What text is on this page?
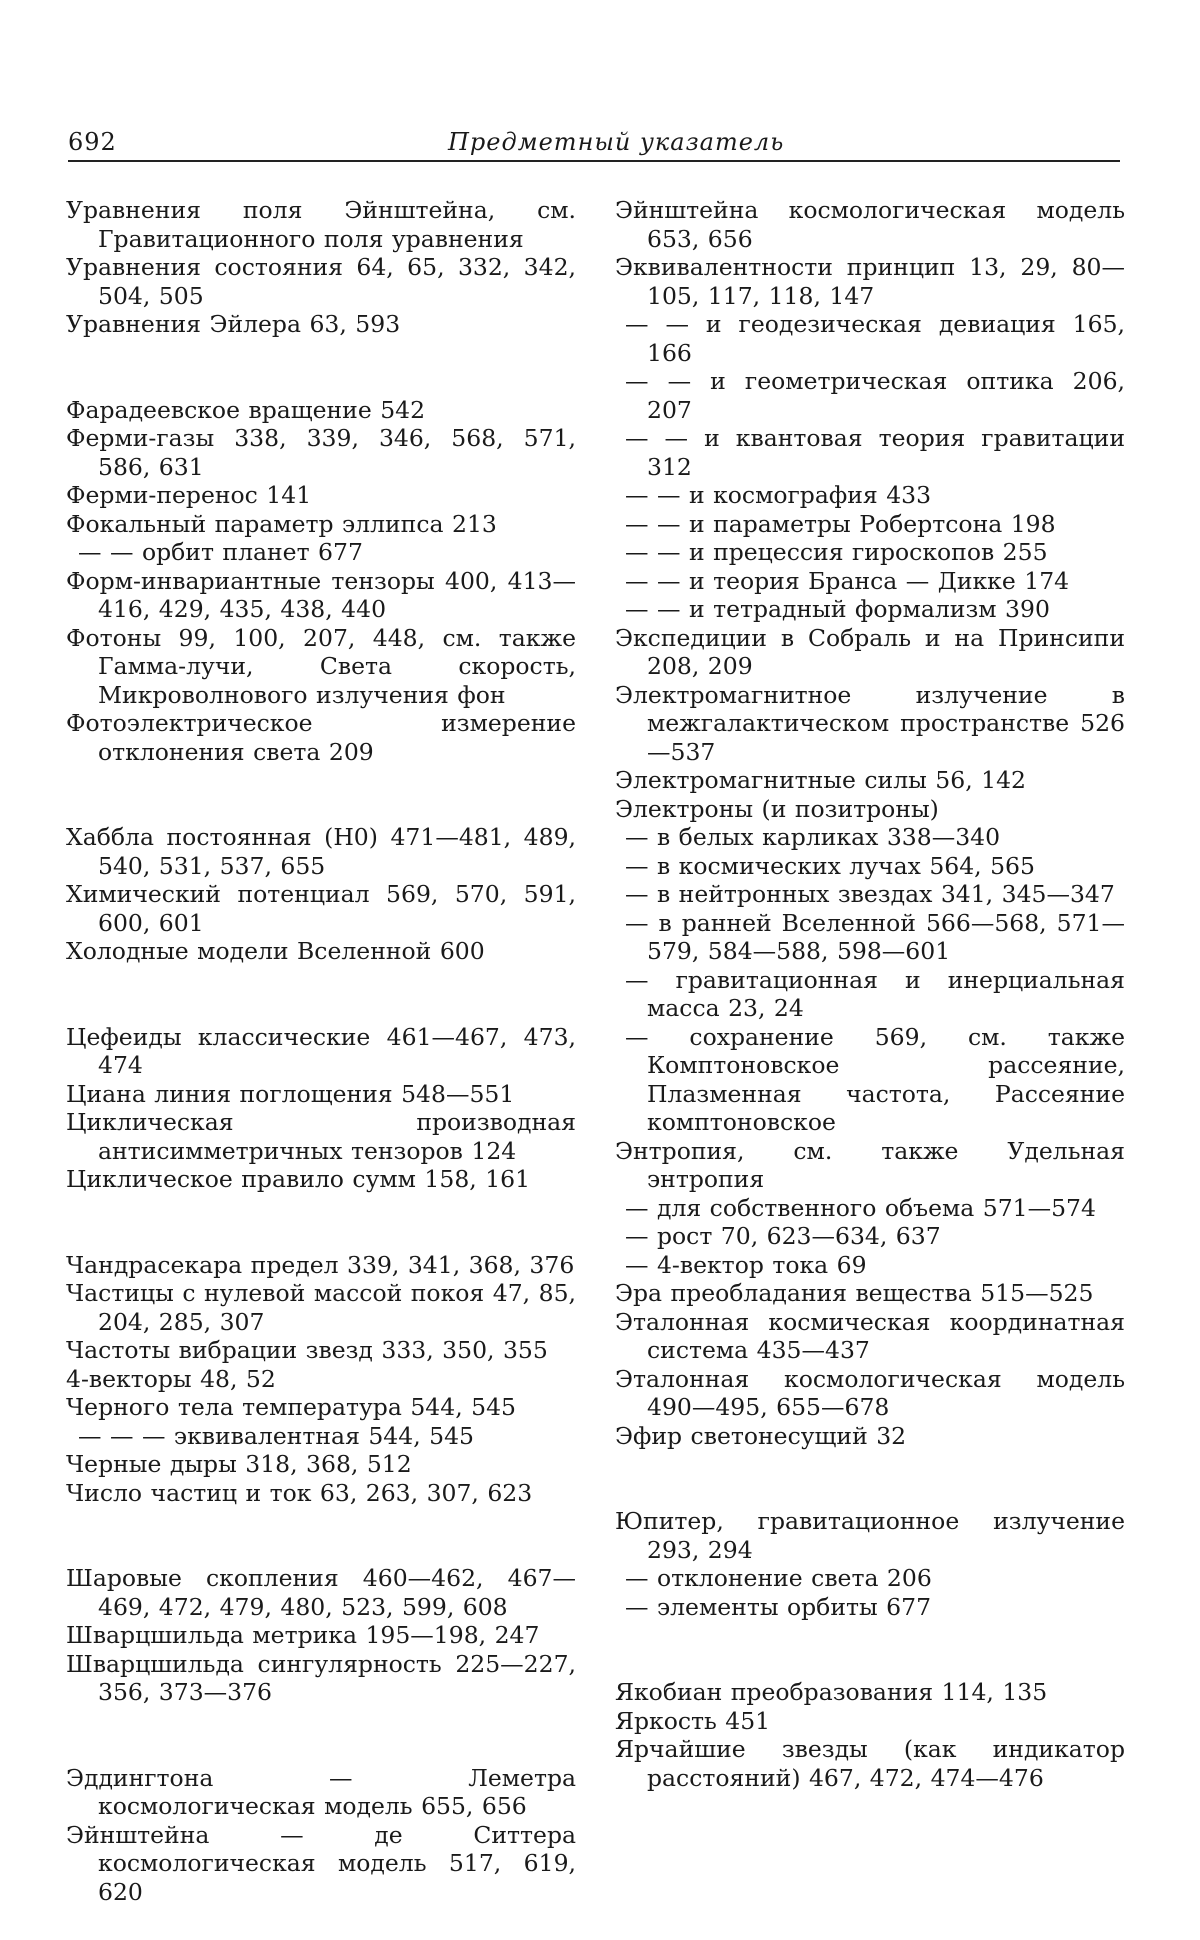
692	Предметный указатель

Уравнения поля Эйнштейна, см. Гравитационного поля уравнения

Уравнения состояния 64, 65, 332, 342, 504, 505

Уравнения Эйлера 63, 593

Фарадеевское вращение 542

Ферми-газы 338, 339, 346, 568, 571, 586, 631

Ферми-перенос 141

Фокальный параметр эллипса 213

— — орбит планет 677

Форм-инвариантные тензоры 400, 413—416, 429, 435, 438, 440

Фотоны 99, 100, 207, 448, см. также Гамма-лучи, Света скорость, Микроволнового излучения фон

Фотоэлектрическое измерение отклонения света 209

Хаббла постоянная (H0) 471—481, 489, 540, 531, 537, 655

Химический потенциал 569, 570, 591, 600, 601

Холодные модели Вселенной 600

Цефеиды классические 461—467, 473, 474

Циана линия поглощения 548—551

Циклическая производная антисимметричных тензоров 124

Циклическое правило сумм 158, 161

Чандрасекара предел 339, 341, 368, 376

Частицы с нулевой массой покоя 47, 85, 204, 285, 307

Частоты вибрации звезд 333, 350, 355

4-векторы 48, 52

Черного тела температура 544, 545

— — — эквивалентная 544, 545

Черные дыры 318, 368, 512

Число частиц и ток 63, 263, 307, 623

Шаровые скопления 460—462, 467—469, 472, 479, 480, 523, 599, 608

Шварцшильда метрика 195—198, 247

Шварцшильда сингулярность 225—227, 356, 373—376

Эддингтона — Леметра космологическая модель 655, 656

Эйнштейна — де Ситтера космологическая модель 517, 619, 620

Эйнштейна космологическая модель 653, 656

Эквивалентности принцип 13, 29, 80—105, 117, 118, 147

— — и геодезическая девиация 165, 166

— — и геометрическая оптика 206, 207

— — и квантовая теория гравитации 312

— — и космография 433

— — и параметры Робертсона 198

— — и прецессия гироскопов 255

— — и теория Бранса — Дикке 174

— — и тетрадный формализм 390

Экспедиции в Собраль и на Принсипи 208, 209

Электромагнитное излучение в межгалактическом пространстве 526—537

Электромагнитные силы 56, 142

Электроны (и позитроны)

— в белых карликах 338—340

— в космических лучах 564, 565

— в нейтронных звездах 341, 345—347

— в ранней Вселенной 566—568, 571—579, 584—588, 598—601

— гравитационная и инерциальная масса 23, 24

— сохранение 569, см. также Комптоновское рассеяние, Плазменная частота, Рассеяние комптоновское

Энтропия, см. также Удельная энтропия

— для собственного объема 571—574

— рост 70, 623—634, 637

— 4-вектор тока 69

Эра преобладания вещества 515—525

Эталонная космическая координатная система 435—437

Эталонная космологическая модель 490—495, 655—678

Эфир светонесущий 32

Юпитер, гравитационное излучение 293, 294

— отклонение света 206

— элементы орбиты 677

Якобиан преобразования 114, 135

Яркость 451

Ярчайшие звезды (как индикатор расстояний) 467, 472, 474—476
